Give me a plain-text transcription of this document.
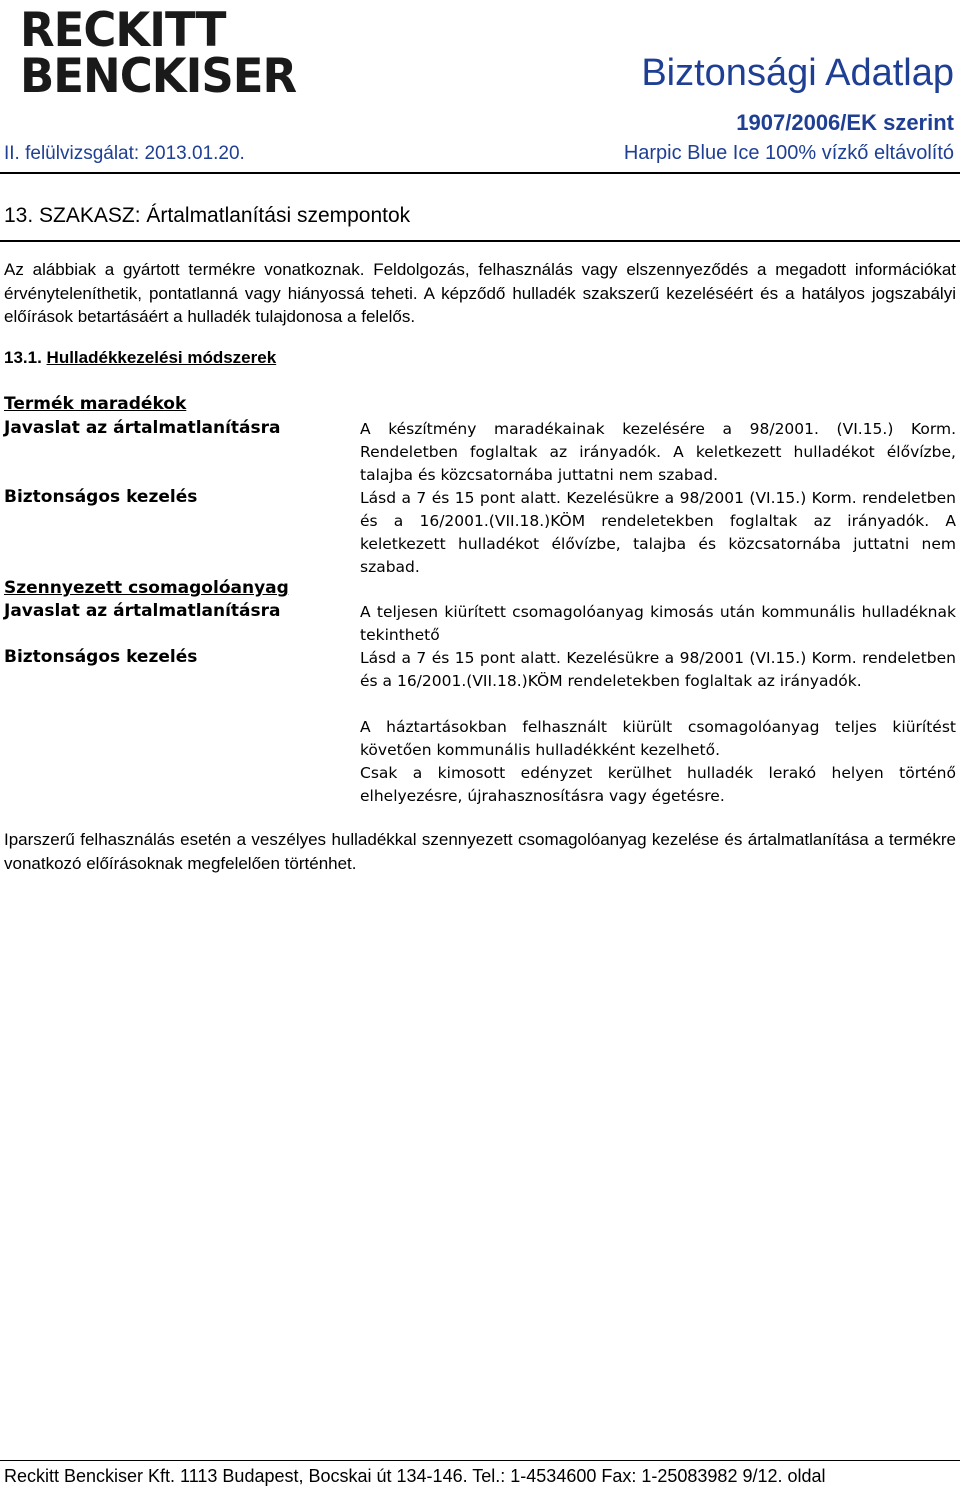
RECKITT
BENCKISER	Biztonsági Adatlap
1907/2006/EK szerint
II. felülvizsgálat: 2013.01.20.	Harpic Blue Ice 100% vízkő eltávolító
13. SZAKASZ: Ártalmatlanítási szempontok
Az alábbiak a gyártott termékre vonatkoznak. Feldolgozás, felhasználás vagy elszennyeződés a megadott információkat érvényteleníthetik, pontatlanná vagy hiányossá teheti. A képződő hulladék szakszerű kezeléséért és a hatályos jogszabályi előírások betartásáért a hulladék tulajdonosa a felelős.
13.1. Hulladékkezelési módszerek
Termék maradékok
Javaslat az ártalmatlanításra	A készítmény maradékainak kezelésére a 98/2001. (VI.15.) Korm. Rendeletben foglaltak az irányadók. A keletkezett hulladékot élővízbe, talajba és közcsatornába juttatni nem szabad.
Biztonságos kezelés	Lásd a 7 és 15 pont alatt. Kezelésükre a 98/2001 (VI.15.) Korm. rendeletben és a 16/2001.(VII.18.)KÖM rendeletekben foglaltak az irányadók. A keletkezett hulladékot élővízbe, talajba és közcsatornába juttatni nem szabad.
Szennyezett csomagolóanyag
Javaslat az ártalmatlanításra	A teljesen kiürített csomagolóanyag kimosás után kommunális hulladéknak tekinthető
Biztonságos kezelés	Lásd a 7 és 15 pont alatt. Kezelésükre a 98/2001 (VI.15.) Korm. rendeletben és a 16/2001.(VII.18.)KÖM rendeletekben foglaltak az irányadók.
A háztartásokban felhasznált kiürült csomagolóanyag teljes kiürítést követően kommunális hulladékként kezelhető.
Csak a kimosott edényzet kerülhet hulladék lerakó helyen történő elhelyezésre, újrahasznosításra vagy égetésre.
Iparszerű felhasználás esetén a veszélyes hulladékkal szennyezett csomagolóanyag kezelése és ártalmatlanítása a termékre vonatkozó előírásoknak megfelelően történhet.
Reckitt Benckiser Kft. 1113 Budapest, Bocskai út 134-146. Tel.: 1-4534600 Fax: 1-25083982 9/12. oldal
